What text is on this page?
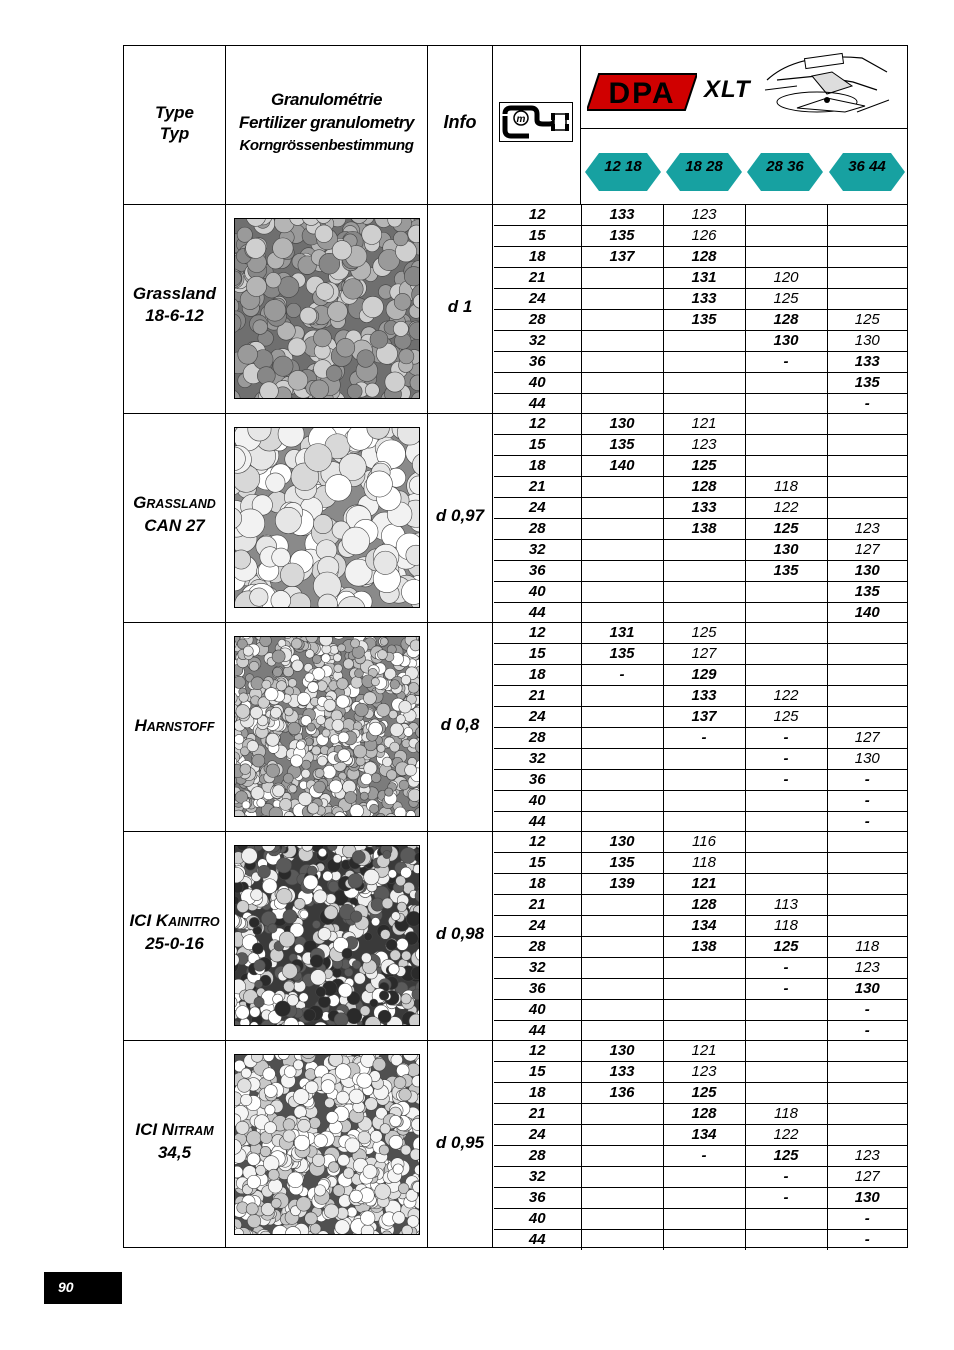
Type
Typ
Granulométrie
Fertilizer granulometry
Korngrössenbestimmung
Info	m
DPA XLT
12 18	18 28	28 36	36 44
Grassland
18-6-12	d 1
12	133	123		
15	135	126		
18	137	128		
21		131	120	
24		133	125	
28		135	128	125
32			130	130
36			-	133
40				135
44				-
GRASSLAND
CAN 27
d 0,97
12	130	121		
15	135	123		
18	140	125		
21		128	118	
24		133	122	
28		138	125	123
32			130	127
36			135	130
40				135
44				140
HARNSTOFF	d 0,8
12	131	125		
15	135	127		
18	-	129		
21		133	122	
24		137	125	
28		-	-	127
32			-	130
36			-	-
40				-
44				-
ICI KAINITRO
25-0-16
d 0,98
12	130	116		
15	135	118		
18	139	121		
21		128	113	
24		134	118	
28		138	125	118
32			-	123
36			-	130
40				-
44				-
ICI NITRAM
34,5
d 0,95
12	130	121		
15	133	123		
18	136	125		
21		128	118	
24		134	122	
28		-	125	123
32			-	127
36			-	130
40				-
44				-
90
